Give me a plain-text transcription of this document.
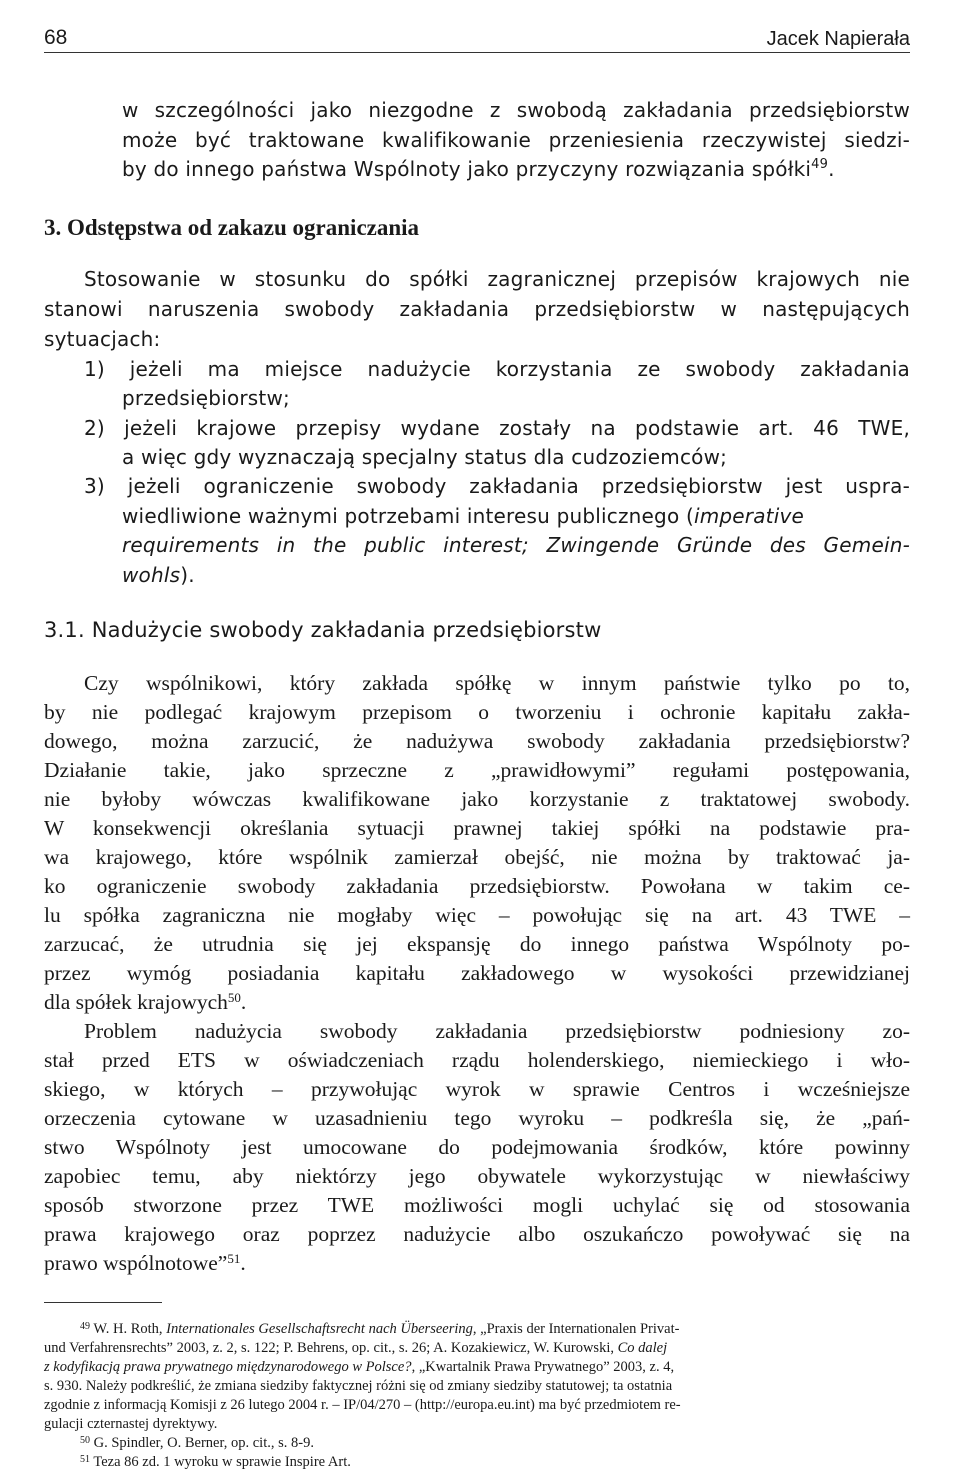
68	Jacek Napierała
w szczególności jako niezgodne z swobodą zakładania przedsiębiorstw
może być traktowane kwalifikowanie przeniesienia rzeczywistej siedzi-
by do innego państwa Wspólnoty jako przyczyny rozwiązania spółki$^{49}$.
3. Odstępstwa od zakazu ograniczania
Stosowanie w stosunku do spółki zagranicznej przepisów krajowych nie
stanowi naruszenia swobody zakładania przedsiębiorstw w następujących
sytuacjach:
1) jeżeli ma miejsce nadużycie korzystania ze swobody zakładania
przedsiębiorstw;
2) jeżeli krajowe przepisy wydane zostały na podstawie art. 46 TWE,
a więc gdy wyznaczają specjalny status dla cudzoziemców;
3) jeżeli ograniczenie swobody zakładania przedsiębiorstw jest uspra-
wiedliwione ważnymi potrzebami interesu publicznego (imperative
requirements in the public interest; Zwingende Gründe des Gemein-
wohls).
3.1. Nadużycie swobody zakładania przedsiębiorstw
Czy wspólnikowi, który zakłada spółkę w innym państwie tylko po to,
by nie podlegać krajowym przepisom o tworzeniu i ochronie kapitału zakła-
dowego, można zarzucić, że nadużywa swobody zakładania przedsiębiorstw?
Działanie takie, jako sprzeczne z „prawidłowymi” regułami postępowania,
nie byłoby wówczas kwalifikowane jako korzystanie z traktatowej swobody.
W konsekwencji określania sytuacji prawnej takiej spółki na podstawie pra-
wa krajowego, które wspólnik zamierzał obejść, nie można by traktować ja-
ko ograniczenie swobody zakładania przedsiębiorstw. Powołana w takim ce-
lu spółka zagraniczna nie mogłaby więc – powołując się na art. 43 TWE –
zarzucać, że utrudnia się jej ekspansję do innego państwa Wspólnoty po-
przez wymóg posiadania kapitału zakładowego w wysokości przewidzianej
dla spółek krajowych$^{50}$.
Problem nadużycia swobody zakładania przedsiębiorstw podniesiony zo-
stał przed ETS w oświadczeniach rządu holenderskiego, niemieckiego i wło-
skiego, w których – przywołując wyrok w sprawie Centros i wcześniejsze
orzeczenia cytowane w uzasadnieniu tego wyroku – podkreśla się, że „pań-
stwo Wspólnoty jest umocowane do podejmowania środków, które powinny
zapobiec temu, aby niektórzy jego obywatele wykorzystując w niewłaściwy
sposób stworzone przez TWE możliwości mogli uchylać się od stosowania
prawa krajowego oraz poprzez nadużycie albo oszukańczo powoływać się na
prawo wspólnotowe”$^{51}$.
$^{49}$ W. H. Roth, Internationales Gesellschaftsrecht nach Überseering, „Praxis der Internationalen Privat-
und Verfahrensrechts” 2003, z. 2, s. 122; P. Behrens, op. cit., s. 26; A. Kozakiewicz, W. Kurowski, Co dalej
z kodyfikacją prawa prywatnego międzynarodowego w Polsce?, „Kwartalnik Prawa Prywatnego” 2003, z. 4,
s. 930. Należy podkreślić, że zmiana siedziby faktycznej różni się od zmiany siedziby statutowej; ta ostatnia
zgodnie z informacją Komisji z 26 lutego 2004 r. – IP/04/270 – (http://europa.eu.int) ma być przedmiotem re-
gulacji czternastej dyrektywy.
$^{50}$ G. Spindler, O. Berner, op. cit., s. 8-9.
$^{51}$ Teza 86 zd. 1 wyroku w sprawie Inspire Art.
